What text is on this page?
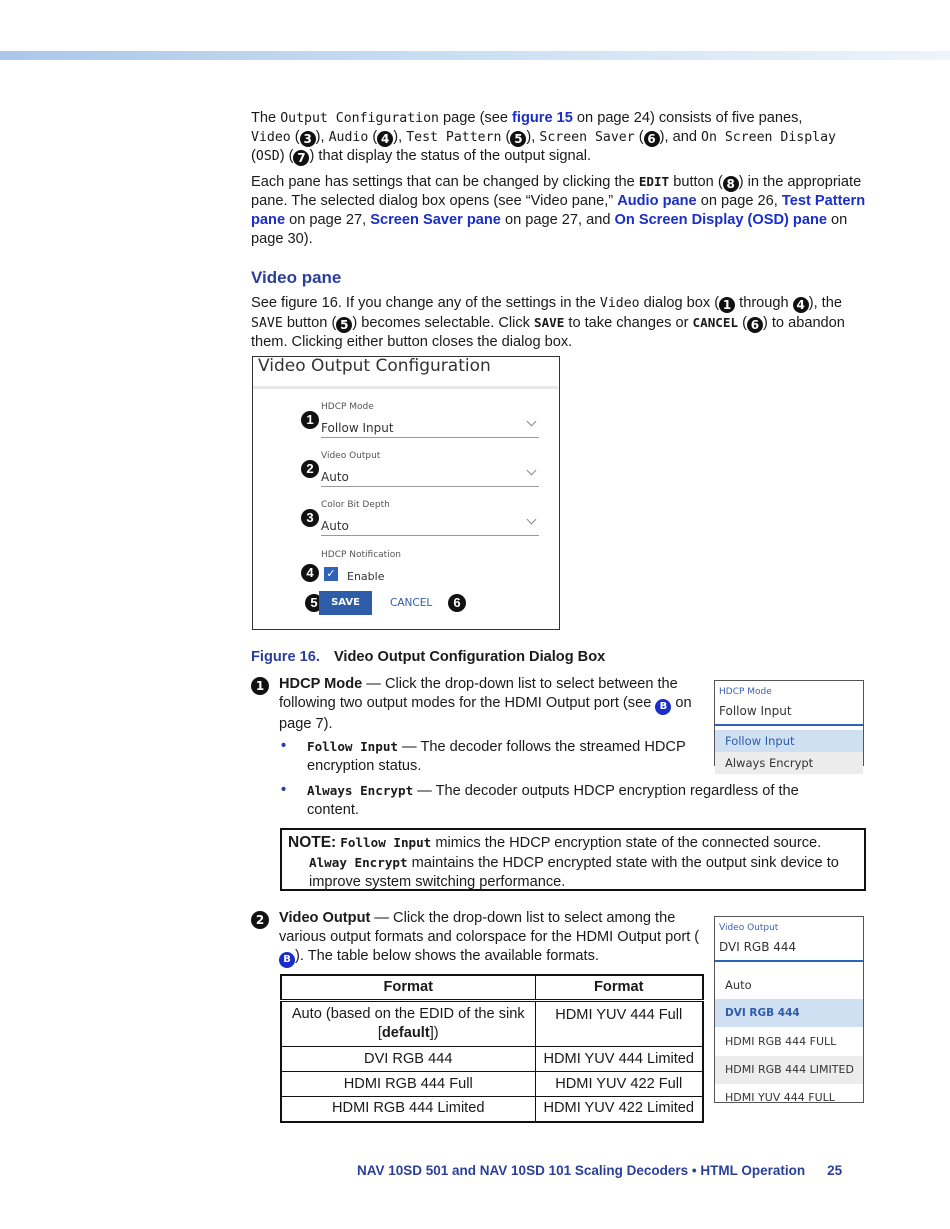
The Output Configuration page (see figure 15 on page 24) consists of five panes,
Video ( 3 ), Audio ( 4 ), Test Pattern ( 5 ), Screen Saver ( 6 ), and On Screen Display
(OSD) ( 7 ) that display the status of the output signal.

Each pane has settings that can be changed by clicking the EDIT button ( 8 ) in the appropriate pane. The selected dialog box opens (see “Video pane,” Audio pane on page 26, Test Pattern pane on page 27, Screen Saver pane on page 27, and On Screen Display (OSD) pane on page 30).

Video pane

See figure 16. If you change any of the settings in the Video dialog box ( 1 through 4 ), the SAVE button ( 5 ) becomes selectable. Click SAVE to take changes or CANCEL ( 6 ) to abandon them. Clicking either button closes the dialog box.

Video Output Configuration
1
HDCP Mode
Follow Input
2
Video Output
Auto
3
Color Bit Depth
Auto
HDCP Notification
4	✓ Enable
5	SAVE	CANCEL	6
Figure 16. Video Output Configuration Dialog Box
1	HDCP Mode — Click the drop-down list to select between the following two output modes for the HDMI Output port (see B on page 7).

• Follow Input — The decoder follows the streamed HDCP encryption status.

• Always Encrypt — The decoder outputs HDCP encryption regardless of the content.

HDCP Mode
Follow Input
Follow Input
Always Encrypt
NOTE: Follow Input mimics the HDCP encryption state of the connected source.
Alway Encrypt maintains the HDCP encrypted state with the output sink device to improve system switching performance.
2	Video Output — Click the drop-down list to select among the various output formats and colorspace for the HDMI Output port (B ). The table below shows the available formats.

Video Output
DVI RGB 444
Auto
DVI RGB 444
HDMI RGB 444 FULL
HDMI RGB 444 LIMITED
HDMI YUV 444 FULL
Format	Format
Auto (based on the EDID of the sink
[default])	HDMI YUV 444 Full
DVI RGB 444	HDMI YUV 444 Limited
HDMI RGB 444 Full	HDMI YUV 422 Full
HDMI RGB 444 Limited	HDMI YUV 422 Limited
NAV 10SD 501 and NAV 10SD 101 Scaling Decoders • HTML Operation 25
